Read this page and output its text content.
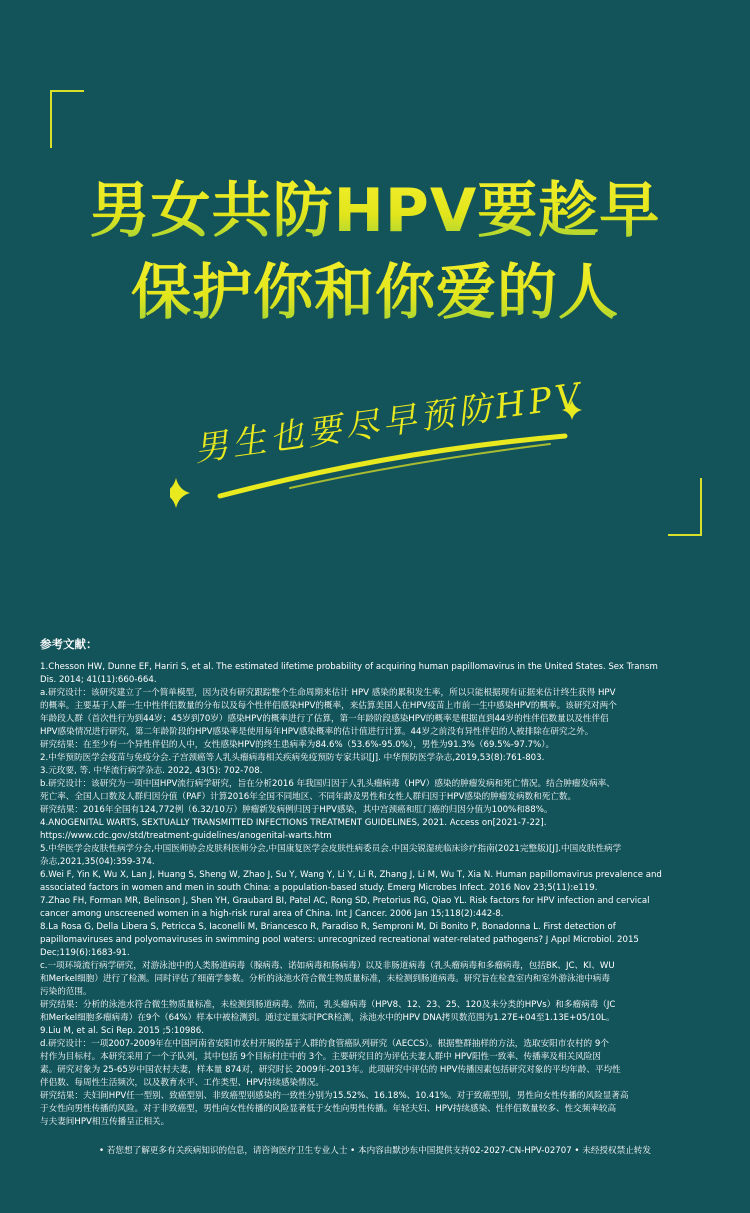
男女共防HPV要趁早
保护你和你爱的人
男生也要尽早预防HPV
参考文献：

1.Chesson HW, Dunne EF, Hariri S, et al. The estimated lifetime probability of acquiring human papillomavirus in the United States. Sex Transm

Dis. 2014; 41(11):660-664.

a.研究设计：该研究建立了一个简单模型，因为没有研究跟踪整个生命周期来估计 HPV 感染的累积发生率，所以只能根据现有证据来估计终生获得 HPV

的概率。主要基于人群一生中性伴侣数量的分布以及每个性伴侣感染HPV的概率，来估算美国人在HPV疫苗上市前一生中感染HPV的概率。该研究对两个

年龄段人群（首次性行为到44岁；45岁到70岁）感染HPV的概率进行了估算，第一年龄阶段感染HPV的概率是根据直到44岁的性伴侣数量以及性伴侣

HPV感染情况进行研究，第二年龄阶段的HPV感染率是使用每年HPV感染概率的估计值进行计算。44岁之前没有异性伴侣的人被排除在研究之外。

研究结果：在至少有一个异性伴侣的人中，女性感染HPV的终生患病率为84.6%（53.6%-95.0%），男性为91.3%（69.5%-97.7%）。

2.中华预防医学会疫苗与免疫分会.子宫颈癌等人乳头瘤病毒相关疾病免疫预防专家共识[J]. 中华预防医学杂志,2019,53(8):761-803.

3.元玫要, 等. 中华流行病学杂志. 2022, 43(5): 702-708.

b.研究设计：该研究为一项中国HPV流行病学研究，旨在分析2016 年我国归因于人乳头瘤病毒（HPV）感染的肿瘤发病和死亡情况。结合肿瘤发病率、

死亡率、全国人口数及人群归因分值（PAF）计算2016年全国不同地区、不同年龄及男性和女性人群归因于HPV感染的肿瘤发病数和死亡数。

研究结果：2016年全国有124,772例（6.32/10万）肿瘤新发病例归因于HPV感染，其中宫颈癌和肛门癌的归因分值为100%和88%。

4.ANOGENITAL WARTS, SEXTUALLY TRANSMITTED INFECTIONS TREATMENT GUIDELINES, 2021. Access on[2021-7-22].

https://www.cdc.gov/std/treatment-guidelines/anogenital-warts.htm

5.中华医学会皮肤性病学分会,中国医师协会皮肤科医师分会,中国康复医学会皮肤性病委员会.中国尖锐湿疣临床诊疗指南(2021完整版)[J].中国皮肤性病学

杂志,2021,35(04):359-374.

6.Wei F, Yin K, Wu X, Lan J, Huang S, Sheng W, Zhao J, Su Y, Wang Y, Li Y, Li R, Zhang J, Li M, Wu T, Xia N. Human papillomavirus prevalence and

associated factors in women and men in south China: a population-based study. Emerg Microbes Infect. 2016 Nov 23;5(11):e119.

7.Zhao FH, Forman MR, Belinson J, Shen YH, Graubard BI, Patel AC, Rong SD, Pretorius RG, Qiao YL. Risk factors for HPV infection and cervical

cancer among unscreened women in a high-risk rural area of China. Int J Cancer. 2006 Jan 15;118(2):442-8.

8.La Rosa G, Della Libera S, Petricca S, Iaconelli M, Briancesco R, Paradiso R, Semproni M, Di Bonito P, Bonadonna L. First detection of

papillomaviruses and polyomaviruses in swimming pool waters: unrecognized recreational water-related pathogens? J Appl Microbiol. 2015

Dec;119(6):1683-91.

c.一项环境流行病学研究，对游泳池中的人类肠道病毒（腺病毒、诺如病毒和肠病毒）以及非肠道病毒（乳头瘤病毒和多瘤病毒，包括BK、JC、KI、WU

和Merkel细胞）进行了检测。同时评估了细菌学参数。分析的泳池水符合微生物质量标准，未检测到肠道病毒。研究旨在检查室内和室外游泳池中病毒

污染的范围。

研究结果：分析的泳池水符合微生物质量标准，未检测到肠道病毒。然而，乳头瘤病毒（HPV8、12、23、25、120及未分类的HPVs）和多瘤病毒（JC

和Merkel细胞多瘤病毒）在9个（64%）样本中被检测到。通过定量实时PCR检测，泳池水中的HPV DNA拷贝数范围为1.27E+04至1.13E+05/10L。

9.Liu M, et al. Sci Rep. 2015 ;5:10986.

d.研究设计：一项2007-2009年在中国河南省安阳市农村开展的基于人群的食管癌队列研究（AECCS）。根据整群抽样的方法，选取安阳市农村的 9个

村作为目标村。本研究采用了一个子队列，其中包括 9个目标村庄中的 3个。主要研究目的为评估夫妻人群中 HPV阳性一致率、传播率及相关风险因

素。研究对象为 25-65岁中国农村夫妻，样本量 874对，研究时长 2009年-2013年。此项研究中评估的 HPV传播因素包括研究对象的平均年龄、平均性

伴侣数、每周性生活频次，以及教育水平、工作类型、HPV持续感染情况。

研究结果：夫妇间HPV任一型别、致癌型别、非致癌型别感染的一致性分别为15.52%、16.18%、10.41%。对于致癌型别，男性向女性传播的风险显著高

于女性向男性传播的风险。对于非致癌型，男性向女性传播的风险显著低于女性向男性传播。年轻夫妇、HPV持续感染、性伴侣数量较多、性交频率较高

与夫妻间HPV相互传播呈正相关。

• 若您想了解更多有关疾病知识的信息，请咨询医疗卫生专业人士 • 本内容由默沙东中国提供支持02-2027-CN-HPV-02707 • 未经授权禁止转发
